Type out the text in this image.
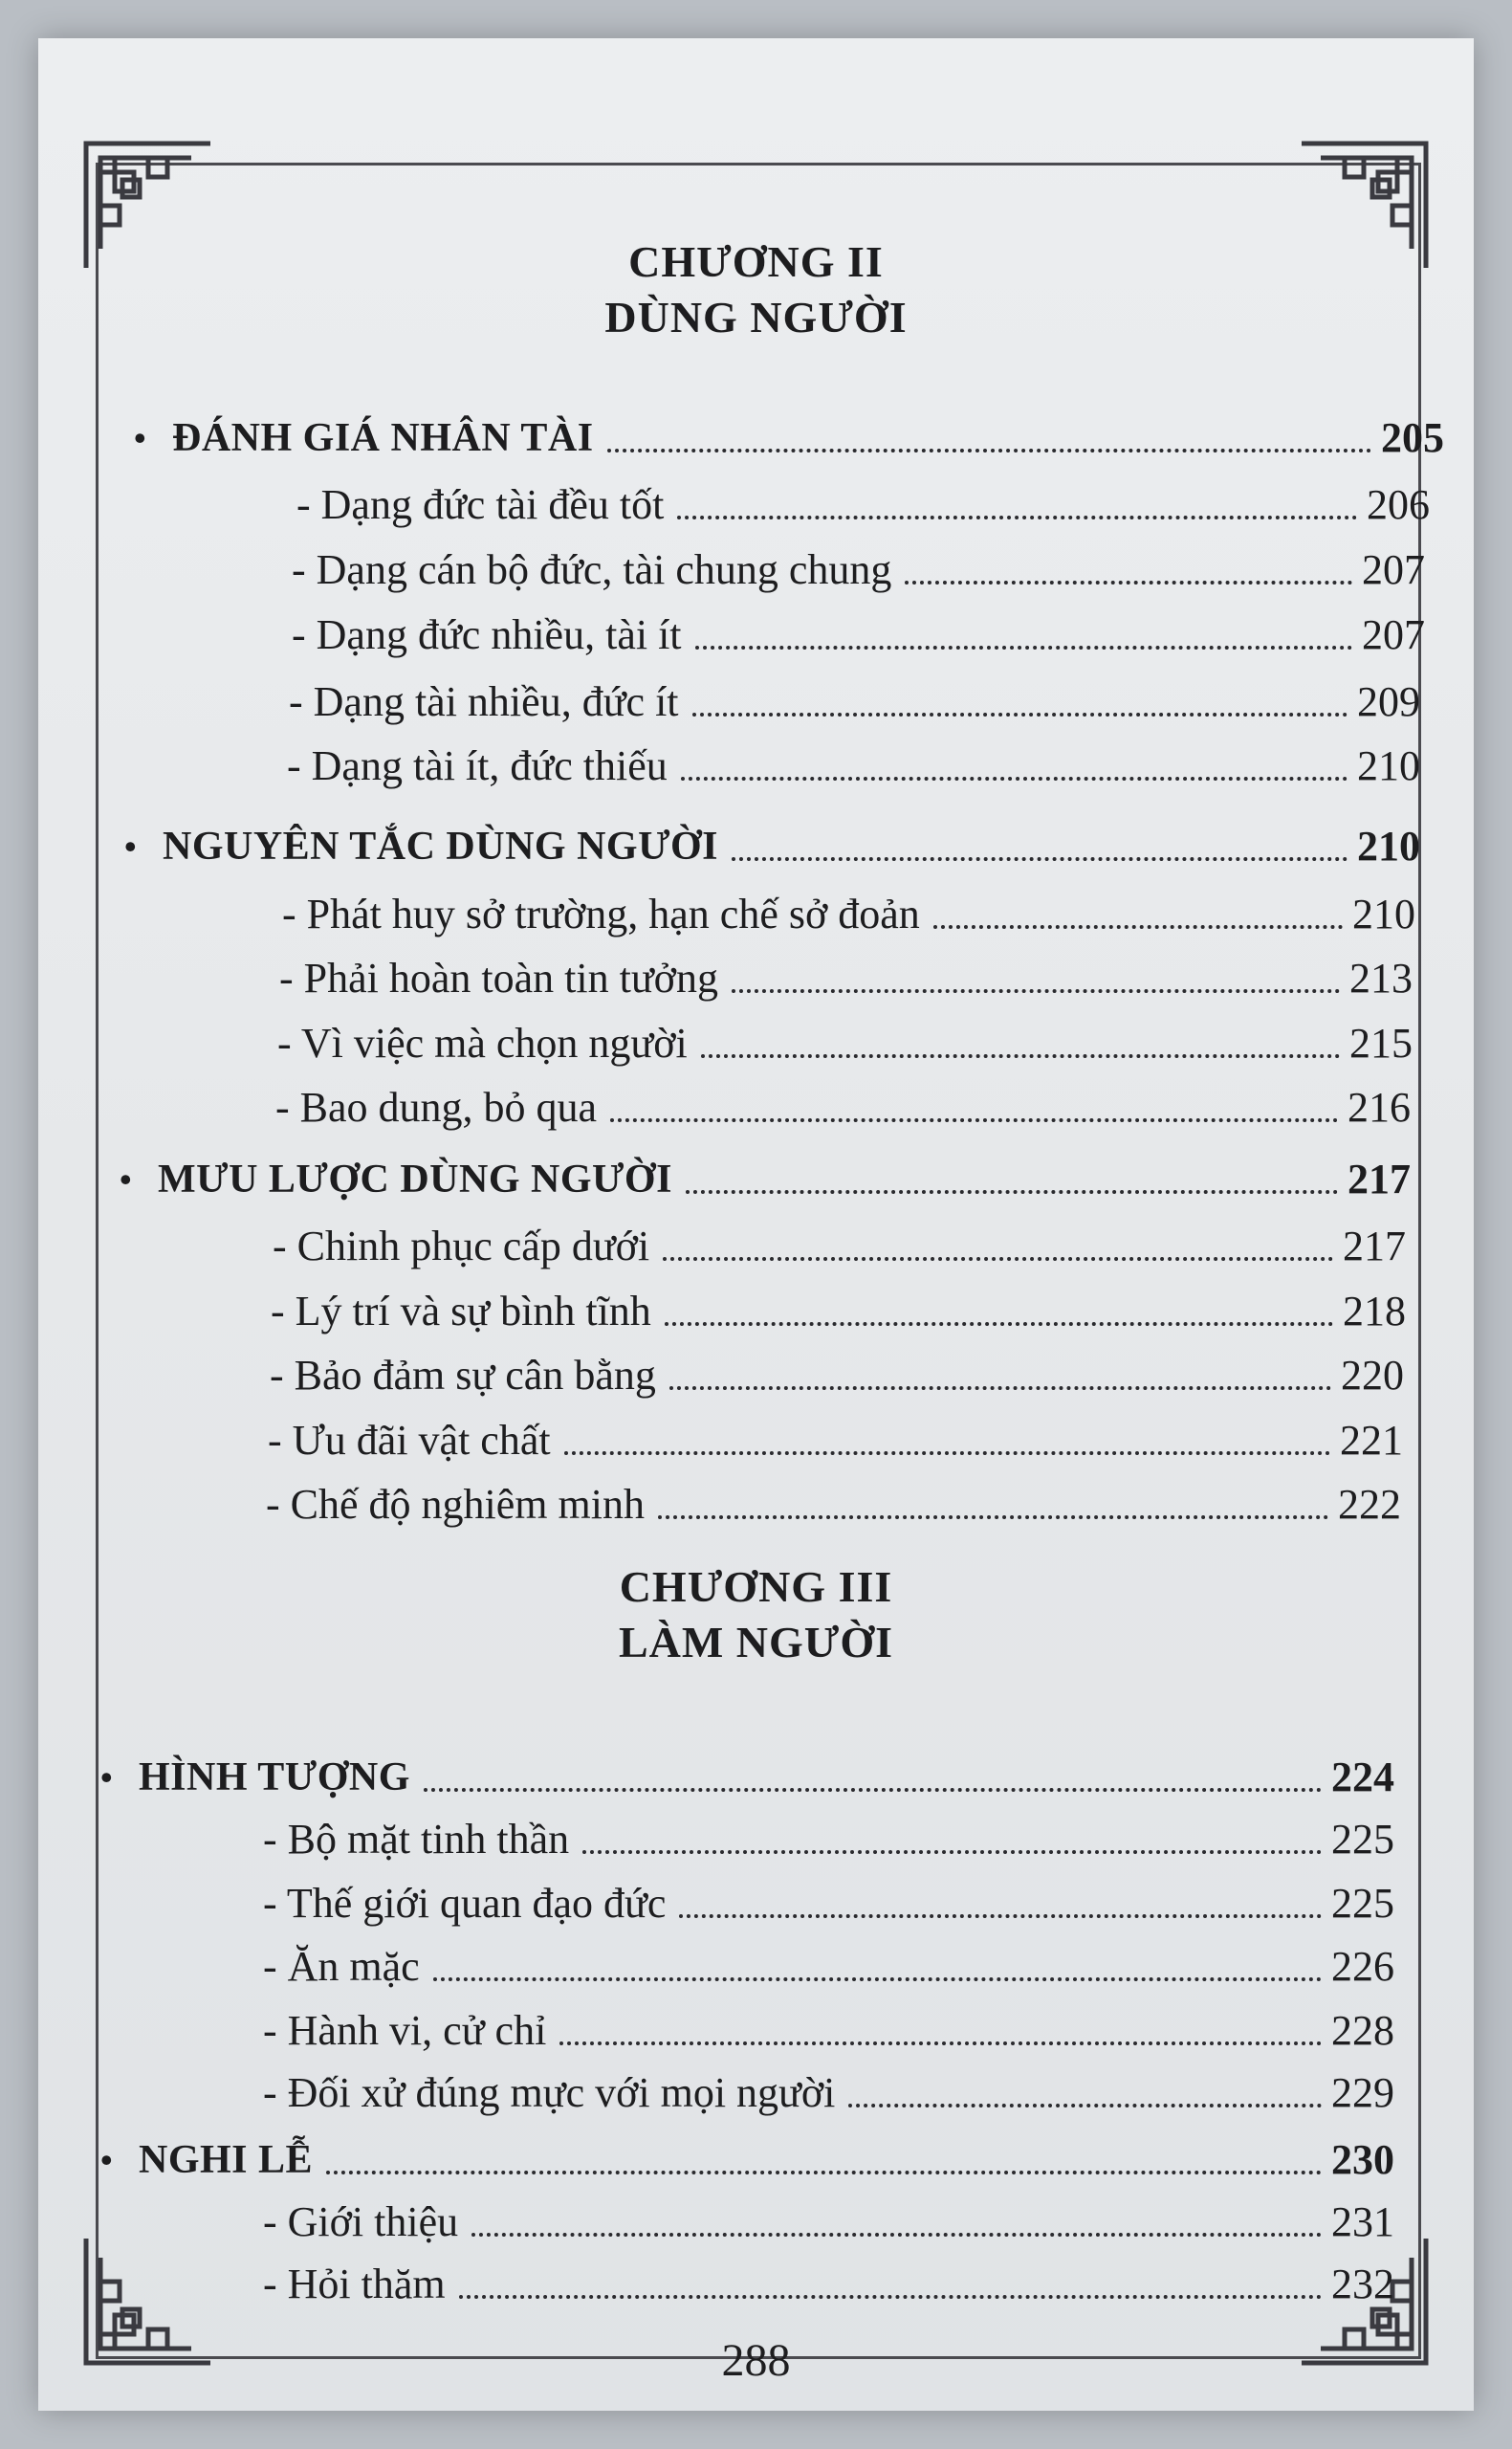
CHƯƠNG II
DÙNG NGƯỜI
CHƯƠNG III
LÀM NGƯỜI
• ĐÁNH GIÁ NHÂN TÀI	205
- Dạng đức tài đều tốt	206
- Dạng cán bộ đức, tài chung chung	207
- Dạng đức nhiều, tài ít	207
- Dạng tài nhiều, đức ít	209
- Dạng tài ít, đức thiếu	210
• NGUYÊN TẮC DÙNG NGƯỜI	210
- Phát huy sở trường, hạn chế sở đoản	210
- Phải hoàn toàn tin tưởng	213
- Vì việc mà chọn người	215
- Bao dung, bỏ qua	216
• MƯU LƯỢC DÙNG NGƯỜI	217
- Chinh phục cấp dưới	217
- Lý trí và sự bình tĩnh	218
- Bảo đảm sự cân bằng	220
- Ưu đãi vật chất	221
- Chế độ nghiêm minh	222
• HÌNH TƯỢNG	224
- Bộ mặt tinh thần	225
- Thế giới quan đạo đức	225
- Ăn mặc	226
- Hành vi, cử chỉ	228
- Đối xử đúng mực với mọi người	229
• NGHI LỄ	230
- Giới thiệu	231
- Hỏi thăm	232
288
